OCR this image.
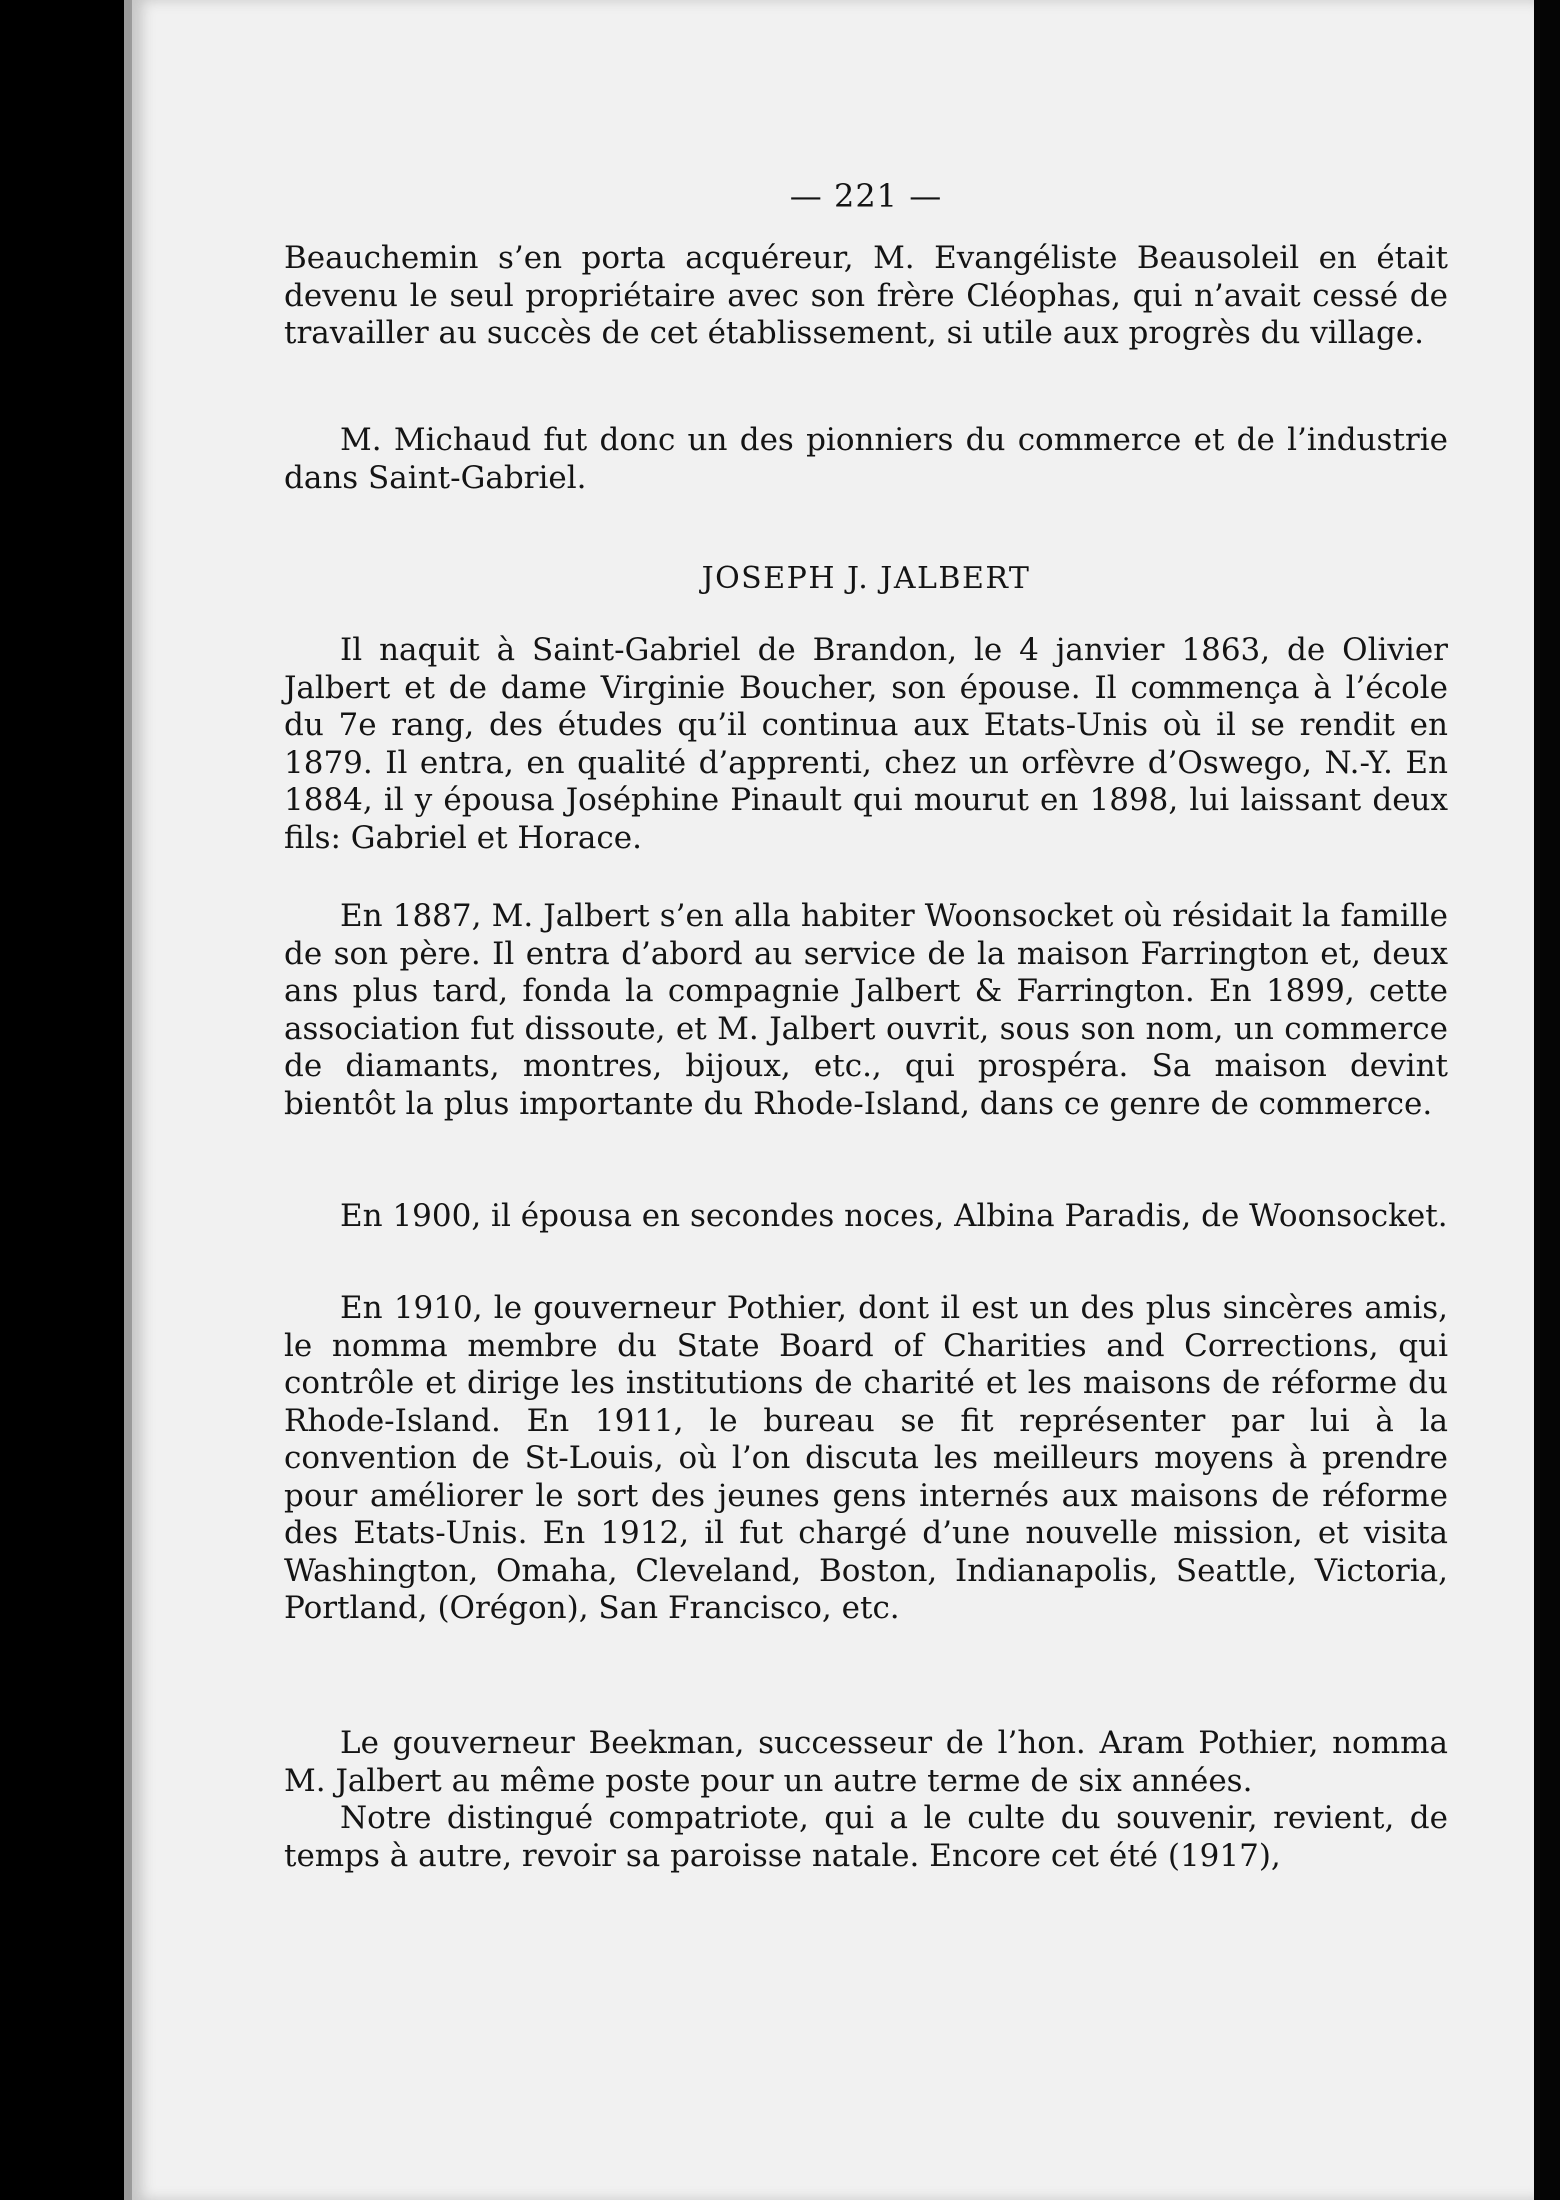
— 221 —

Beauchemin s’en porta acquéreur, M. Evangéliste Beausoleil en était devenu le seul propriétaire avec son frère Cléophas, qui n’avait cessé de travailler au succès de cet établissement, si utile aux progrès du village.

M. Michaud fut donc un des pionniers du commerce et de l’industrie dans Saint-Gabriel.

JOSEPH J. JALBERT

Il naquit à Saint-Gabriel de Brandon, le 4 janvier 1863, de Olivier Jalbert et de dame Virginie Boucher, son épouse. Il commença à l’école du 7e rang, des études qu’il continua aux Etats-Unis où il se rendit en 1879. Il entra, en qualité d’apprenti, chez un orfèvre d’Oswego, N.-Y. En 1884, il y épousa Joséphine Pinault qui mourut en 1898, lui laissant deux fils: Gabriel et Horace.

En 1887, M. Jalbert s’en alla habiter Woonsocket où résidait la famille de son père. Il entra d’abord au service de la maison Farrington et, deux ans plus tard, fonda la compagnie Jalbert & Farrington. En 1899, cette association fut dissoute, et M. Jalbert ouvrit, sous son nom, un commerce de diamants, montres, bijoux, etc., qui prospéra. Sa maison devint bientôt la plus importante du Rhode-Island, dans ce genre de commerce.

En 1900, il épousa en secondes noces, Albina Paradis, de Woonsocket.

En 1910, le gouverneur Pothier, dont il est un des plus sincères amis, le nomma membre du State Board of Charities and Corrections, qui contrôle et dirige les institutions de charité et les maisons de réforme du Rhode-Island. En 1911, le bureau se fit représenter par lui à la convention de St-Louis, où l’on discuta les meilleurs moyens à prendre pour améliorer le sort des jeunes gens internés aux maisons de réforme des Etats-Unis. En 1912, il fut chargé d’une nouvelle mission, et visita Washington, Omaha, Cleveland, Boston, Indianapolis, Seattle, Victoria, Portland, (Orégon), San Francisco, etc.

Le gouverneur Beekman, successeur de l’hon. Aram Pothier, nomma M. Jalbert au même poste pour un autre terme de six années.

Notre distingué compatriote, qui a le culte du souvenir, revient, de temps à autre, revoir sa paroisse natale. Encore cet été (1917),
